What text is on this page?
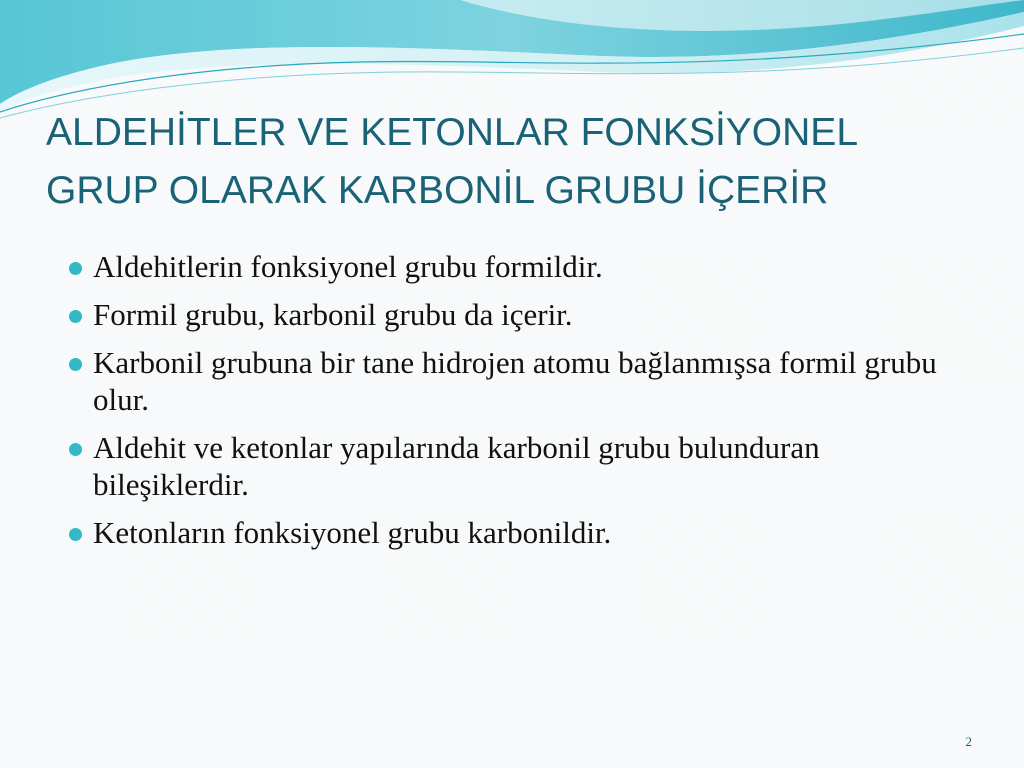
ALDEHİTLER VE KETONLAR FONKSİYONEL
GRUP OLARAK KARBONİL GRUBU İÇERİR
Aldehitlerin fonksiyonel grubu formildir.
Formil grubu, karbonil grubu da içerir.
Karbonil grubuna bir tane hidrojen atomu bağlanmışsa formil grubu olur.
Aldehit ve ketonlar yapılarında karbonil grubu bulunduran bileşiklerdir.
Ketonların fonksiyonel grubu karbonildir.
2
